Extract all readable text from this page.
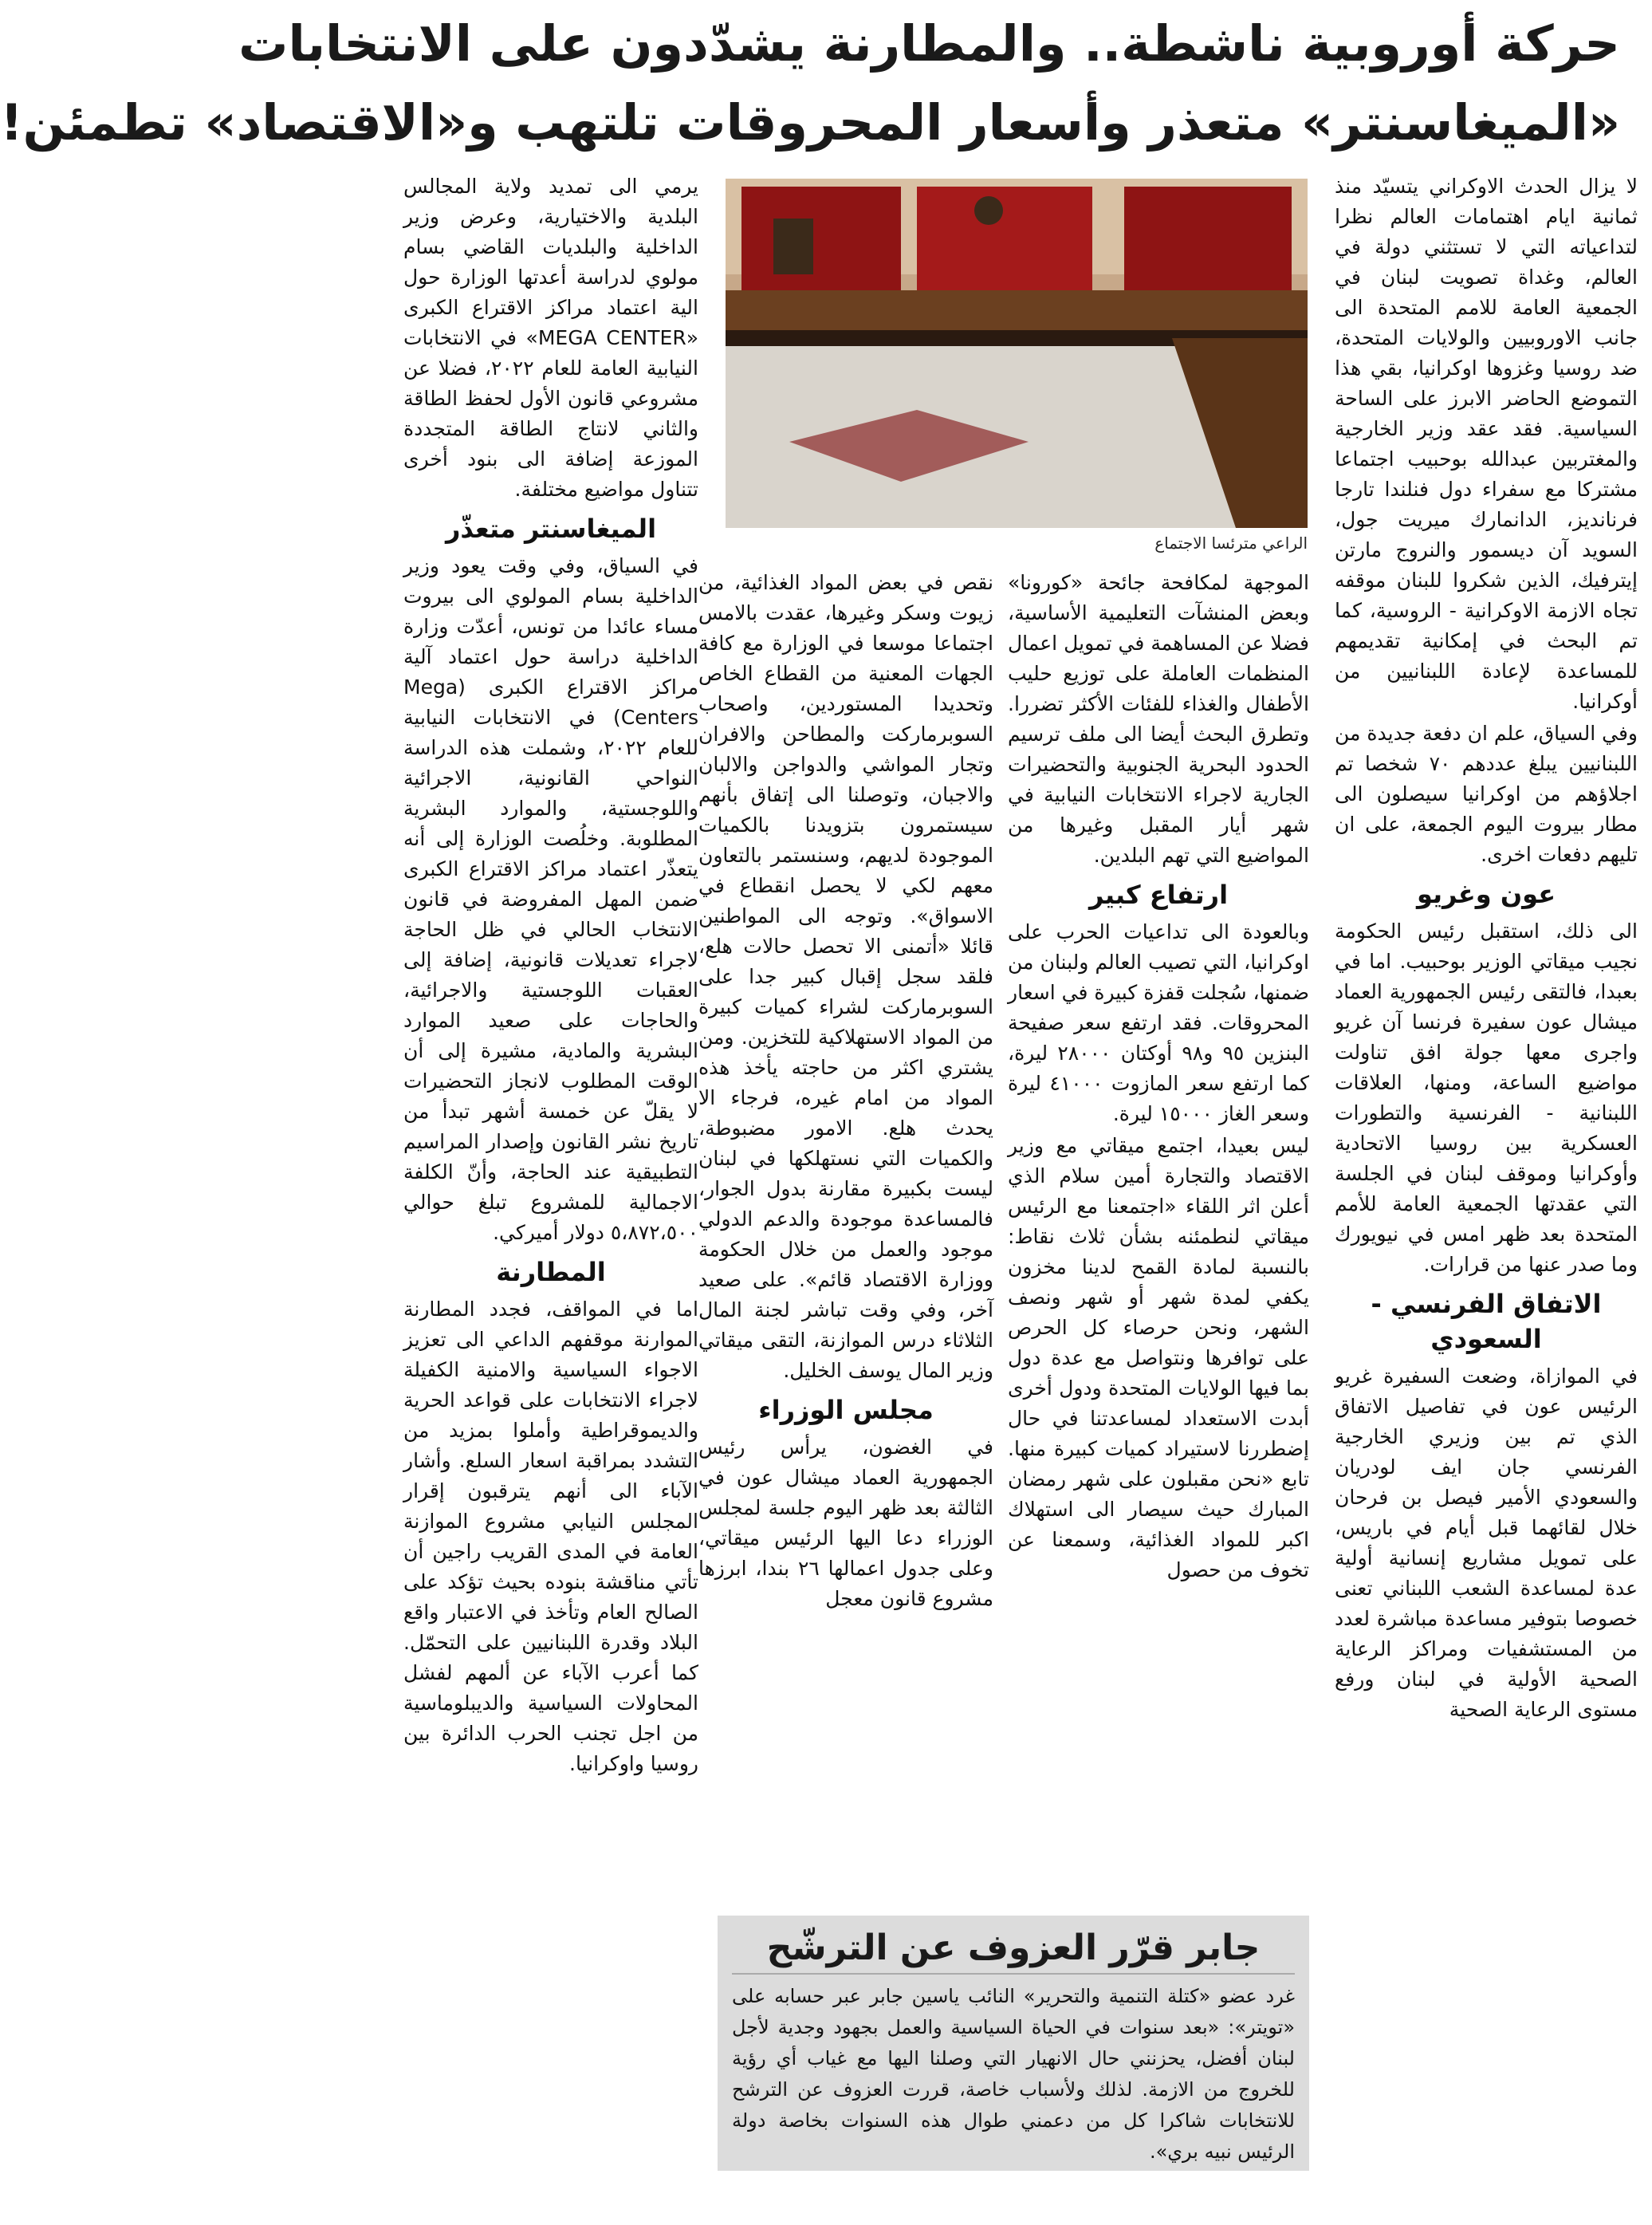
حركة أوروبية ناشطة.. والمطارنة يشدّدون على الانتخابات
«الميغاسنتر» متعذر وأسعار المحروقات تلتهب و«الاقتصاد» تطمئن!

لا يزال الحدث الاوكراني يتسيّد منذ ثمانية ايام اهتمامات العالم نظرا لتداعياته التي لا تستثني دولة في العالم، وغداة تصويت لبنان في الجمعية العامة للامم المتحدة الى جانب الاوروبيين والولايات المتحدة، ضد روسيا وغزوها اوكرانيا، بقي هذا التموضع الحاضر الابرز على الساحة السياسية. فقد عقد وزير الخارجية والمغتربين عبدالله بوحبيب اجتماعا مشتركا مع سفراء دول فنلندا تارجا فرنانديز، الدانمارك ميريت جول، السويد آن ديسمور والنروج مارتن إيترفيك، الذين شكروا للبنان موقفه تجاه الازمة الاوكرانية - الروسية، كما تم البحث في إمكانية تقديمهم للمساعدة لإعادة اللبنانيين من أوكرانيا.

وفي السياق، علم ان دفعة جديدة من اللبنانيين يبلغ عددهم ٧٠ شخصا تم اجلاؤهم من اوكرانيا سيصلون الى مطار بيروت اليوم الجمعة، على ان تليهم دفعات اخرى.

عون وغريو

الى ذلك، استقبل رئيس الحكومة نجيب ميقاتي الوزير بوحبيب. اما في بعبدا، فالتقى رئيس الجمهورية العماد ميشال عون سفيرة فرنسا آن غريو واجرى معها جولة افق تناولت مواضيع الساعة، ومنها، العلاقات اللبنانية - الفرنسية والتطورات العسكرية بين روسيا الاتحادية وأوكرانيا وموقف لبنان في الجلسة التي عقدتها الجمعية العامة للأمم المتحدة بعد ظهر امس في نيويورك وما صدر عنها من قرارات.

الاتفاق الفرنسي - السعودي

في الموازاة، وضعت السفيرة غريو الرئيس عون في تفاصيل الاتفاق الذي تم بين وزيري الخارجية الفرنسي جان ايف لودريان والسعودي الأمير فيصل بن فرحان خلال لقائهما قبل أيام في باريس، على تمويل مشاريع إنسانية أولية عدة لمساعدة الشعب اللبناني تعنى خصوصا بتوفير مساعدة مباشرة لعدد من المستشفيات ومراكز الرعاية الصحية الأولية في لبنان ورفع مستوى الرعاية الصحية

الراعي مترئسا الاجتماع

الموجهة لمكافحة جائحة «كورونا» وبعض المنشآت التعليمية الأساسية، فضلا عن المساهمة في تمويل اعمال المنظمات العاملة على توزيع حليب الأطفال والغذاء للفئات الأكثر تضررا. وتطرق البحث أيضا الى ملف ترسيم الحدود البحرية الجنوبية والتحضيرات الجارية لاجراء الانتخابات النيابية في شهر أيار المقبل وغيرها من المواضيع التي تهم البلدين.

ارتفاع كبير

وبالعودة الى تداعيات الحرب على اوكرانيا، التي تصيب العالم ولبنان من ضمنها، سُجلت قفزة كبيرة في اسعار المحروقات. فقد ارتفع سعر صفيحة البنزين ٩٥ و٩٨ أوكتان ٢٨٠٠٠ ليرة، كما ارتفع سعر المازوت ٤١٠٠٠ ليرة وسعر الغاز ١٥٠٠٠ ليرة.

ليس بعيدا، اجتمع ميقاتي مع وزير الاقتصاد والتجارة أمين سلام الذي أعلن اثر اللقاء «اجتمعنا مع الرئيس ميقاتي لنطمئنه بشأن ثلاث نقاط: بالنسبة لمادة القمح لدينا مخزون يكفي لمدة شهر أو شهر ونصف الشهر، ونحن حرصاء كل الحرص على توافرها ونتواصل مع عدة دول بما فيها الولايات المتحدة ودول أخرى أبدت الاستعداد لمساعدتنا في حال إضطررنا لاستيراد كميات كبيرة منها. تابع «نحن مقبلون على شهر رمضان المبارك حيث سيصار الى استهلاك اكبر للمواد الغذائية، وسمعنا عن تخوف من حصول

نقص في بعض المواد الغذائية، من زيوت وسكر وغيرها، عقدت بالامس اجتماعا موسعا في الوزارة مع كافة الجهات المعنية من القطاع الخاص وتحديدا المستوردين، واصحاب السوبرماركت والمطاحن والافران وتجار المواشي والدواجن والالبان والاجبان، وتوصلنا الى إتفاق بأنهم سيستمرون بتزويدنا بالكميات الموجودة لديهم، وسنستمر بالتعاون معهم لكي لا يحصل انقطاع في الاسواق». وتوجه الى المواطنين قائلا «أتمنى الا تحصل حالات هلع، فلقد سجل إقبال كبير جدا على السوبرماركت لشراء كميات كبيرة من المواد الاستهلاكية للتخزين. ومن يشتري اكثر من حاجته يأخذ هذه المواد من امام غيره، فرجاء الا يحدث هلع. الامور مضبوطة، والكميات التي نستهلكها في لبنان ليست بكبيرة مقارنة بدول الجوار، فالمساعدة موجودة والدعم الدولي موجود والعمل من خلال الحكومة ووزارة الاقتصاد قائم». على صعيد آخر، وفي وقت تباشر لجنة المال الثلاثاء درس الموازنة، التقى ميقاتي وزير المال يوسف الخليل.

مجلس الوزراء

في الغضون، يرأس رئيس الجمهورية العماد ميشال عون في الثالثة بعد ظهر اليوم جلسة لمجلس الوزراء دعا اليها الرئيس ميقاتي، وعلى جدول اعمالها ٢٦ بندا، ابرزها مشروع قانون معجل

يرمي الى تمديد ولاية المجالس البلدية والاختيارية، وعرض وزير الداخلية والبلديات القاضي بسام مولوي لدراسة أعدتها الوزارة حول الية اعتماد مراكز الاقتراع الكبرى «MEGA CENTER» في الانتخابات النيابية العامة للعام ٢٠٢٢، فضلا عن مشروعي قانون الأول لحفظ الطاقة والثاني لانتاج الطاقة المتجددة الموزعة إضافة الى بنود أخرى تتناول مواضيع مختلفة.

الميغاسنتر متعذّر

في السياق، وفي وقت يعود وزير الداخلية بسام المولوي الى بيروت مساء عائدا من تونس، أعدّت وزارة الداخلية دراسة حول اعتماد آلية مراكز الاقتراع الكبرى (Mega Centers) في الانتخابات النيابية للعام ٢٠٢٢، وشملت هذه الدراسة النواحي القانونية، الاجرائية واللوجستية، والموارد البشرية المطلوبة. وخلُصت الوزارة إلى أنه يتعذّر اعتماد مراكز الاقتراع الكبرى ضمن المهل المفروضة في قانون الانتخاب الحالي في ظل الحاجة لاجراء تعديلات قانونية، إضافة إلى العقبات اللوجستية والاجرائية، والحاجات على صعيد الموارد البشرية والمادية، مشيرة إلى أن الوقت المطلوب لانجاز التحضيرات لا يقلّ عن خمسة أشهر تبدأ من تاريخ نشر القانون وإصدار المراسيم التطبيقية عند الحاجة، وأنّ الكلفة الاجمالية للمشروع تبلغ حوالي ٥،٨٧٢،٥٠٠ دولار أميركي.

المطارنة

اما في المواقف، فجدد المطارنة الموارنة موقفهم الداعي الى تعزيز الاجواء السياسية والامنية الكفيلة لاجراء الانتخابات على قواعد الحرية والديموقراطية وأملوا بمزيد من التشدد بمراقبة اسعار السلع. وأشار الآباء الى أنهم يترقبون إقرار المجلس النيابي مشروع الموازنة العامة في المدى القريب راجين أن تأتي مناقشة بنوده بحيث تؤكد على الصالح العام وتأخذ في الاعتبار واقع البلاد وقدرة اللبنانيين على التحمّل. كما أعرب الآباء عن ألمهم لفشل المحاولات السياسية والديبلوماسية من اجل تجنب الحرب الدائرة بين روسيا واوكرانيا.

جابر قرّر العزوف عن الترشّح
غرد عضو «كتلة التنمية والتحرير» النائب ياسين جابر عبر حسابه على «تويتر»: «بعد سنوات في الحياة السياسية والعمل بجهود وجدية لأجل لبنان أفضل، يحزنني حال الانهيار التي وصلنا اليها مع غياب أي رؤية للخروج من الازمة. لذلك ولأسباب خاصة، قررت العزوف عن الترشح للانتخابات شاكرا كل من دعمني طوال هذه السنوات بخاصة دولة الرئيس نبيه بري».
